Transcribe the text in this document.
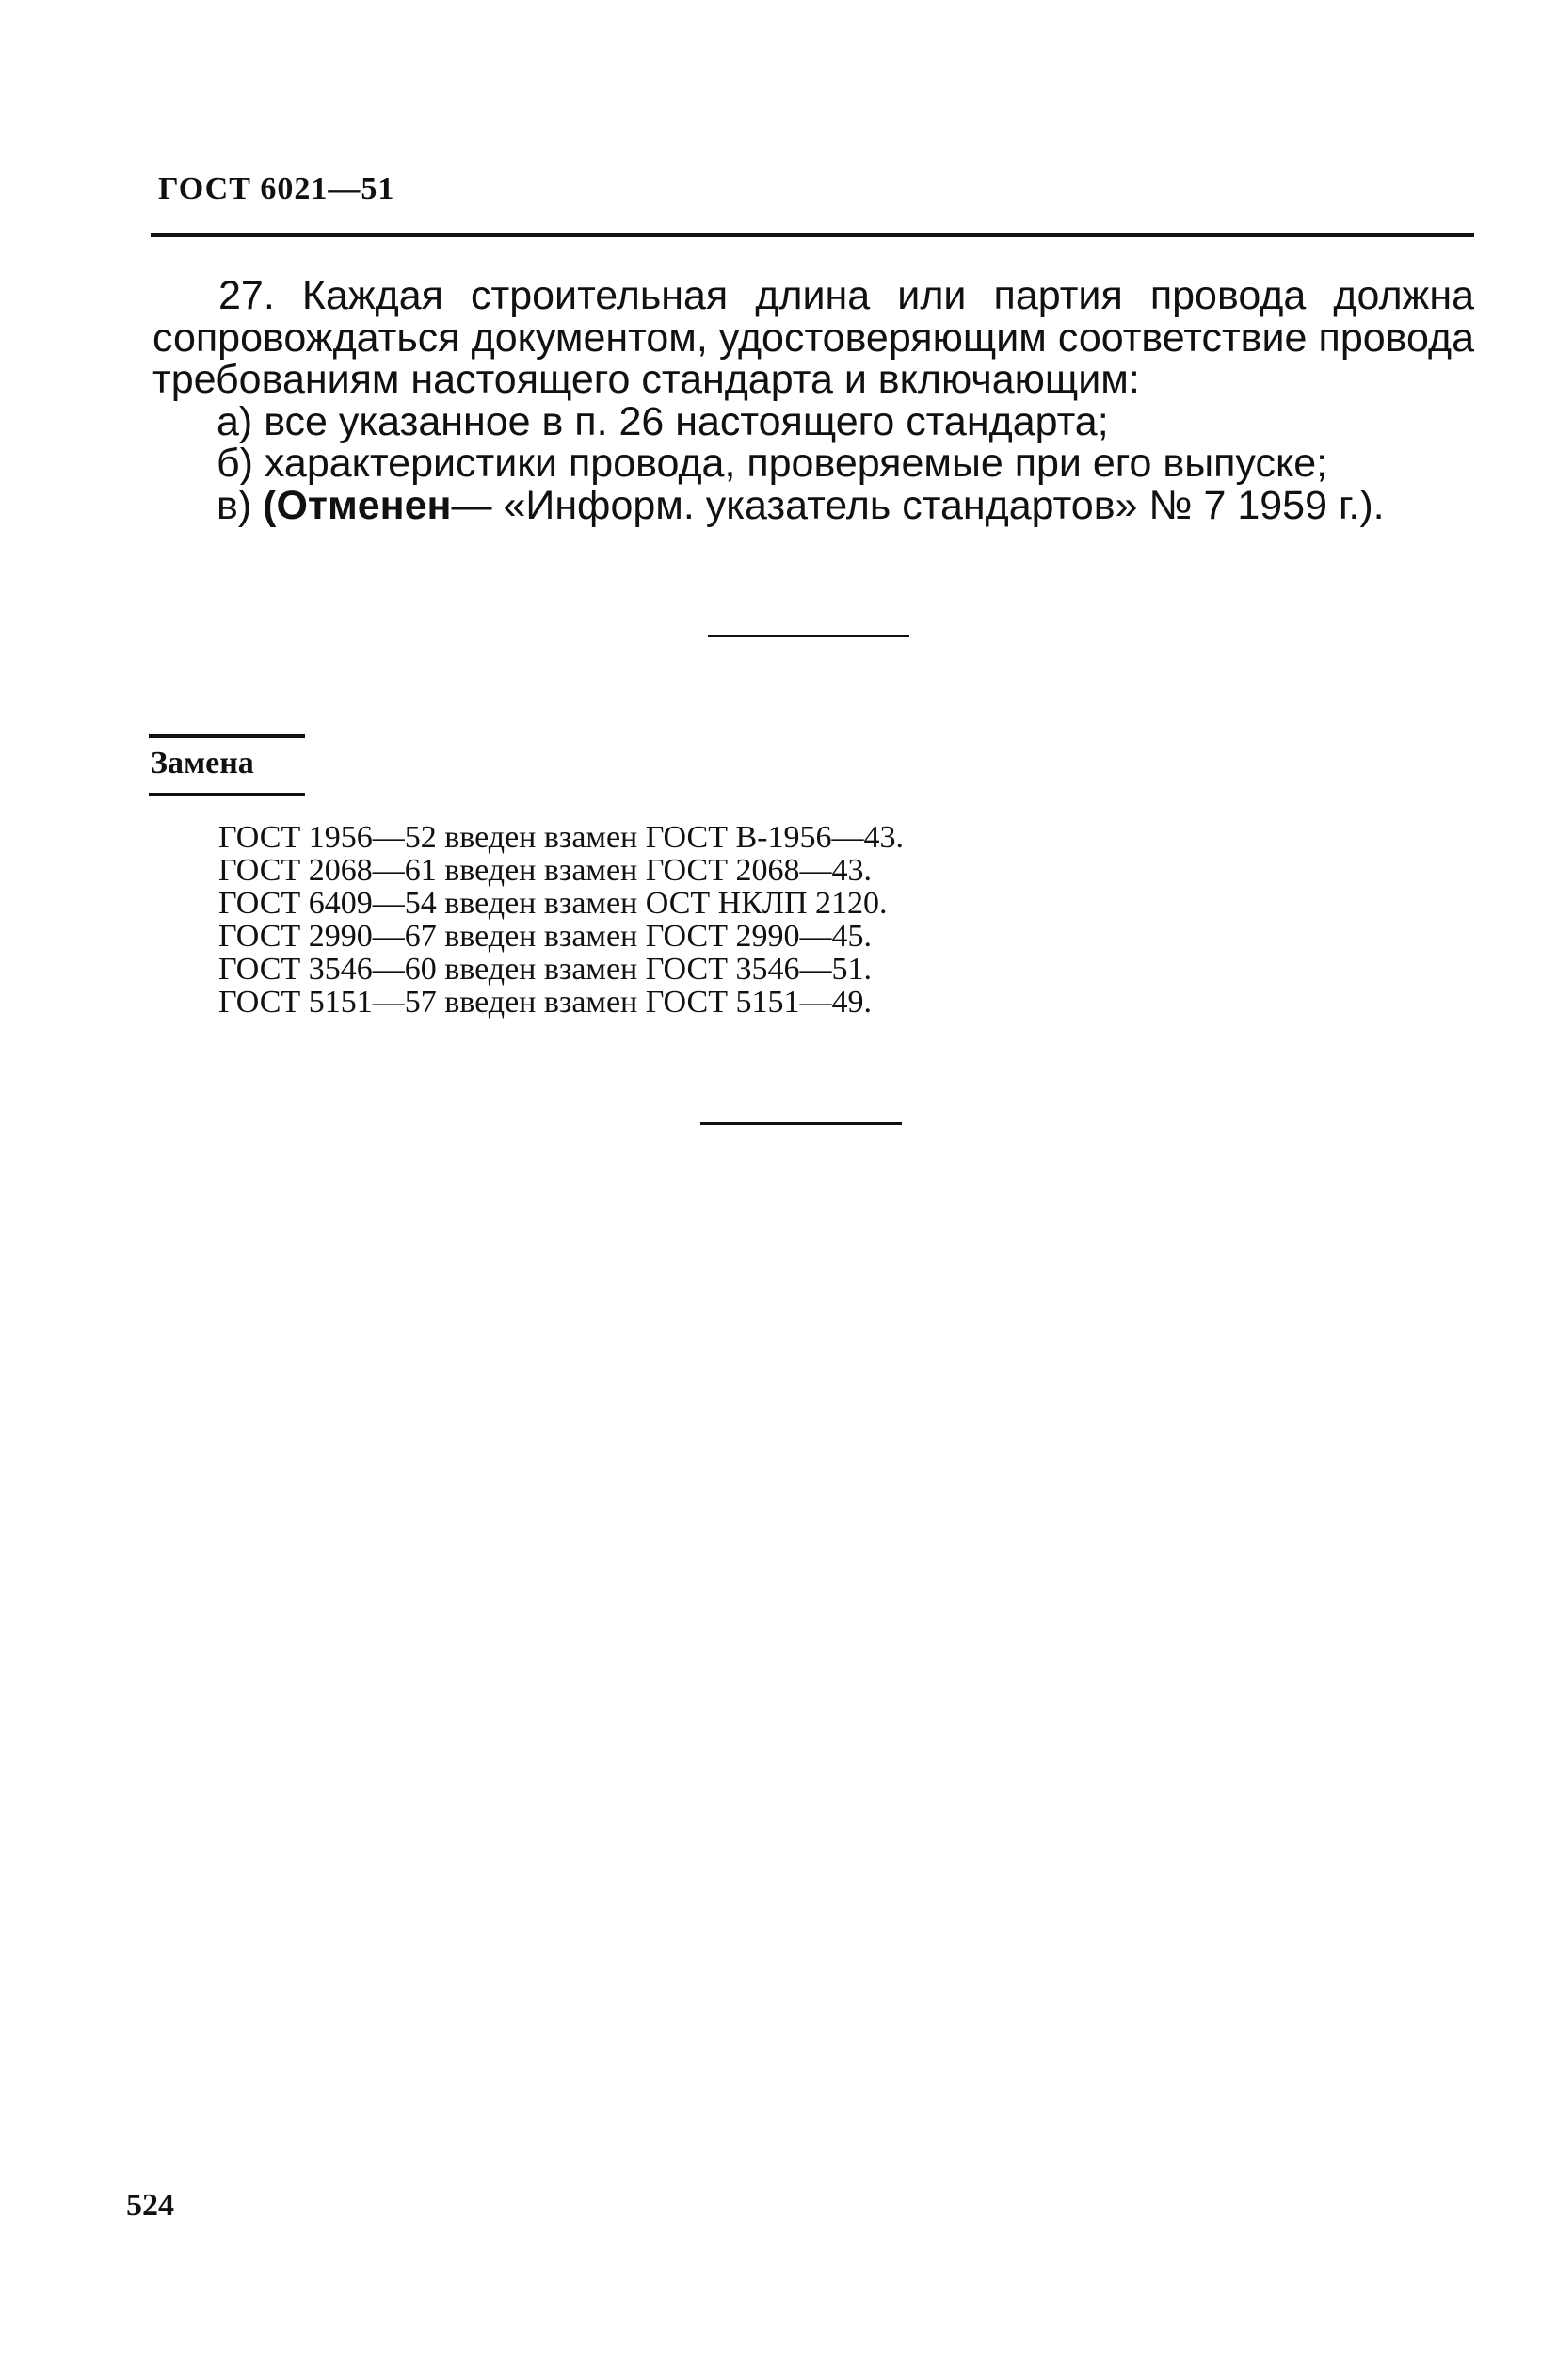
ГОСТ 6021—51

27. Каждая строительная длина или партия провода должна сопровождаться документом, удостоверяющим соответствие провода требованиям настоящего стандарта и включающим:

а) все указанное в п. 26 настоящего стандарта;

б) характеристики провода, проверяемые при его выпуске;

в) (Отменен— «Информ. указатель стандартов» № 7 1959 г.).

Замена
ГОСТ 1956—52 введен взамен ГОСТ В-1956—43.
ГОСТ 2068—61 введен взамен ГОСТ 2068—43.
ГОСТ 6409—54 введен взамен ОСТ НКЛП 2120.
ГОСТ 2990—67 введен взамен ГОСТ 2990—45.
ГОСТ 3546—60 введен взамен ГОСТ 3546—51.
ГОСТ 5151—57 введен взамен ГОСТ 5151—49.
524
